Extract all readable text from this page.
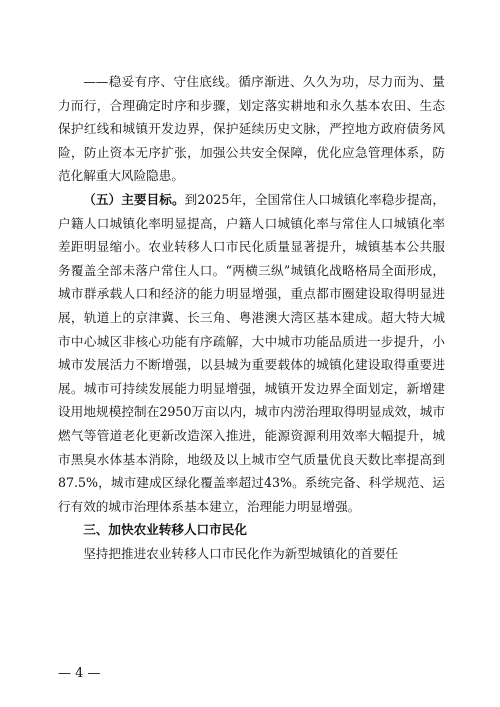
——稳妥有序、守住底线。循序渐进、久久为功，尽力而为、量力而行，合理确定时序和步骤，划定落实耕地和永久基本农田、生态保护红线和城镇开发边界，保护延续历史文脉，严控地方政府债务风险，防止资本无序扩张，加强公共安全保障，优化应急管理体系，防范化解重大风险隐患。

（五）主要目标。到2025年，全国常住人口城镇化率稳步提高，户籍人口城镇化率明显提高，户籍人口城镇化率与常住人口城镇化率差距明显缩小。农业转移人口市民化质量显著提升，城镇基本公共服务覆盖全部未落户常住人口。“两横三纵”城镇化战略格局全面形成，城市群承载人口和经济的能力明显增强，重点都市圈建设取得明显进展，轨道上的京津冀、长三角、粤港澳大湾区基本建成。超大特大城市中心城区非核心功能有序疏解，大中城市功能品质进一步提升，小城市发展活力不断增强，以县城为重要载体的城镇化建设取得重要进展。城市可持续发展能力明显增强，城镇开发边界全面划定，新增建设用地规模控制在2950万亩以内，城市内涝治理取得明显成效，城市燃气等管道老化更新改造深入推进，能源资源利用效率大幅提升，城市黑臭水体基本消除，地级及以上城市空气质量优良天数比率提高到87.5%，城市建成区绿化覆盖率超过43%。系统完备、科学规范、运行有效的城市治理体系基本建立，治理能力明显增强。

三、加快农业转移人口市民化

坚持把推进农业转移人口市民化作为新型城镇化的首要任

— 4 —
